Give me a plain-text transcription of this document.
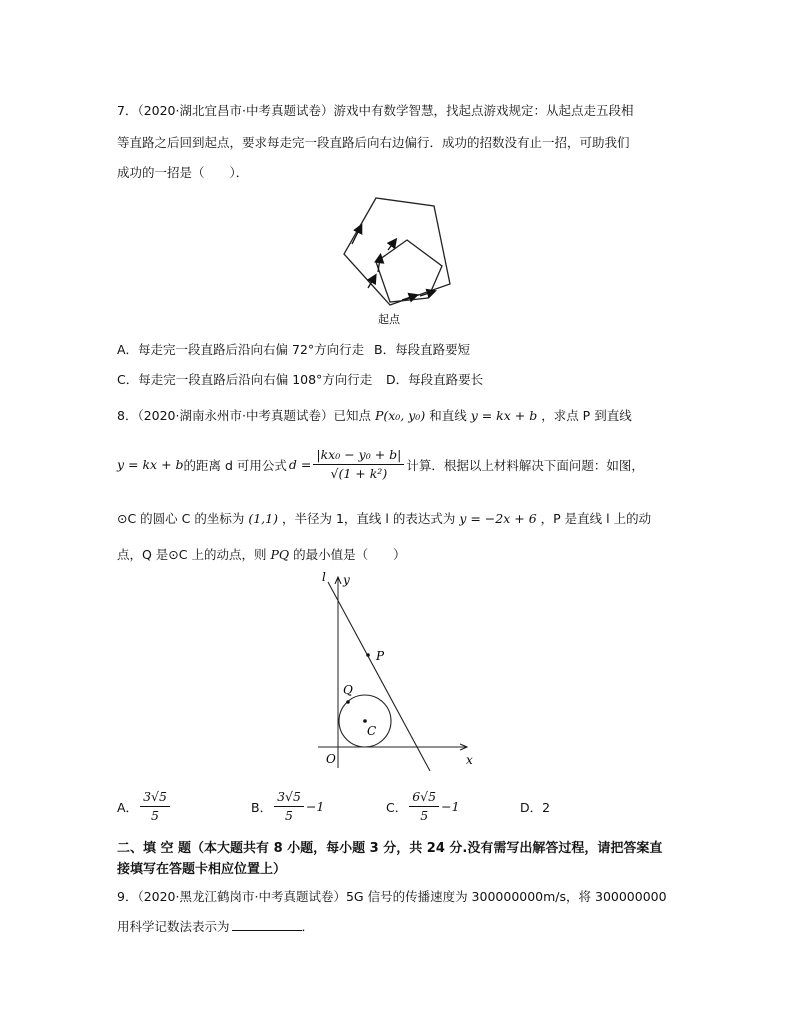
7．（2020·湖北宜昌市·中考真题试卷）游戏中有数学智慧，找起点游戏规定：从起点走五段相
等直路之后回到起点，要求每走完一段直路后向右边偏行．成功的招数没有止一招，可助我们
成功的一招是（　　）．
起点
A．每走完一段直路后沿向右偏 72°方向行走 B．每段直路要短
C．每走完一段直路后沿向右偏 108°方向行走 D．每段直路要长
8．（2020·湖南永州市·中考真题试卷）已知点 P(x₀, y₀) 和直线 y = kx + b ，求点 P 到直线
y = kx + b 的距离 d 可用公式 $d = \frac{\text{|kx₀ − y₀ + b|}}{\text{√(1 + k²)}}$ 计算．根据以上材料解决下面问题：如图，
⊙C 的圆心 C 的坐标为 (1,1) ，半径为 1，直线 l 的表达式为 y = −2x + 6 ，P 是直线 l 上的动
点，Q 是⊙C 上的动点，则 PQ 的最小值是（　　）
l y
x
O
P
Q
C
A． $\frac{3√5}{5}$	B． $\frac{3√5}{5} -1$	C． $\frac{6√5}{5} -1$	D．2
二、填 空 题（本大题共有 8 小题，每小题 3 分，共 24 分.没有需写出解答过程，请把答案直
接填写在答题卡相应位置上）
9．（2020·黑龙江鹤岗市·中考真题试卷）5G 信号的传播速度为 300000000m/s，将 300000000
用科学记数法表示为	．
